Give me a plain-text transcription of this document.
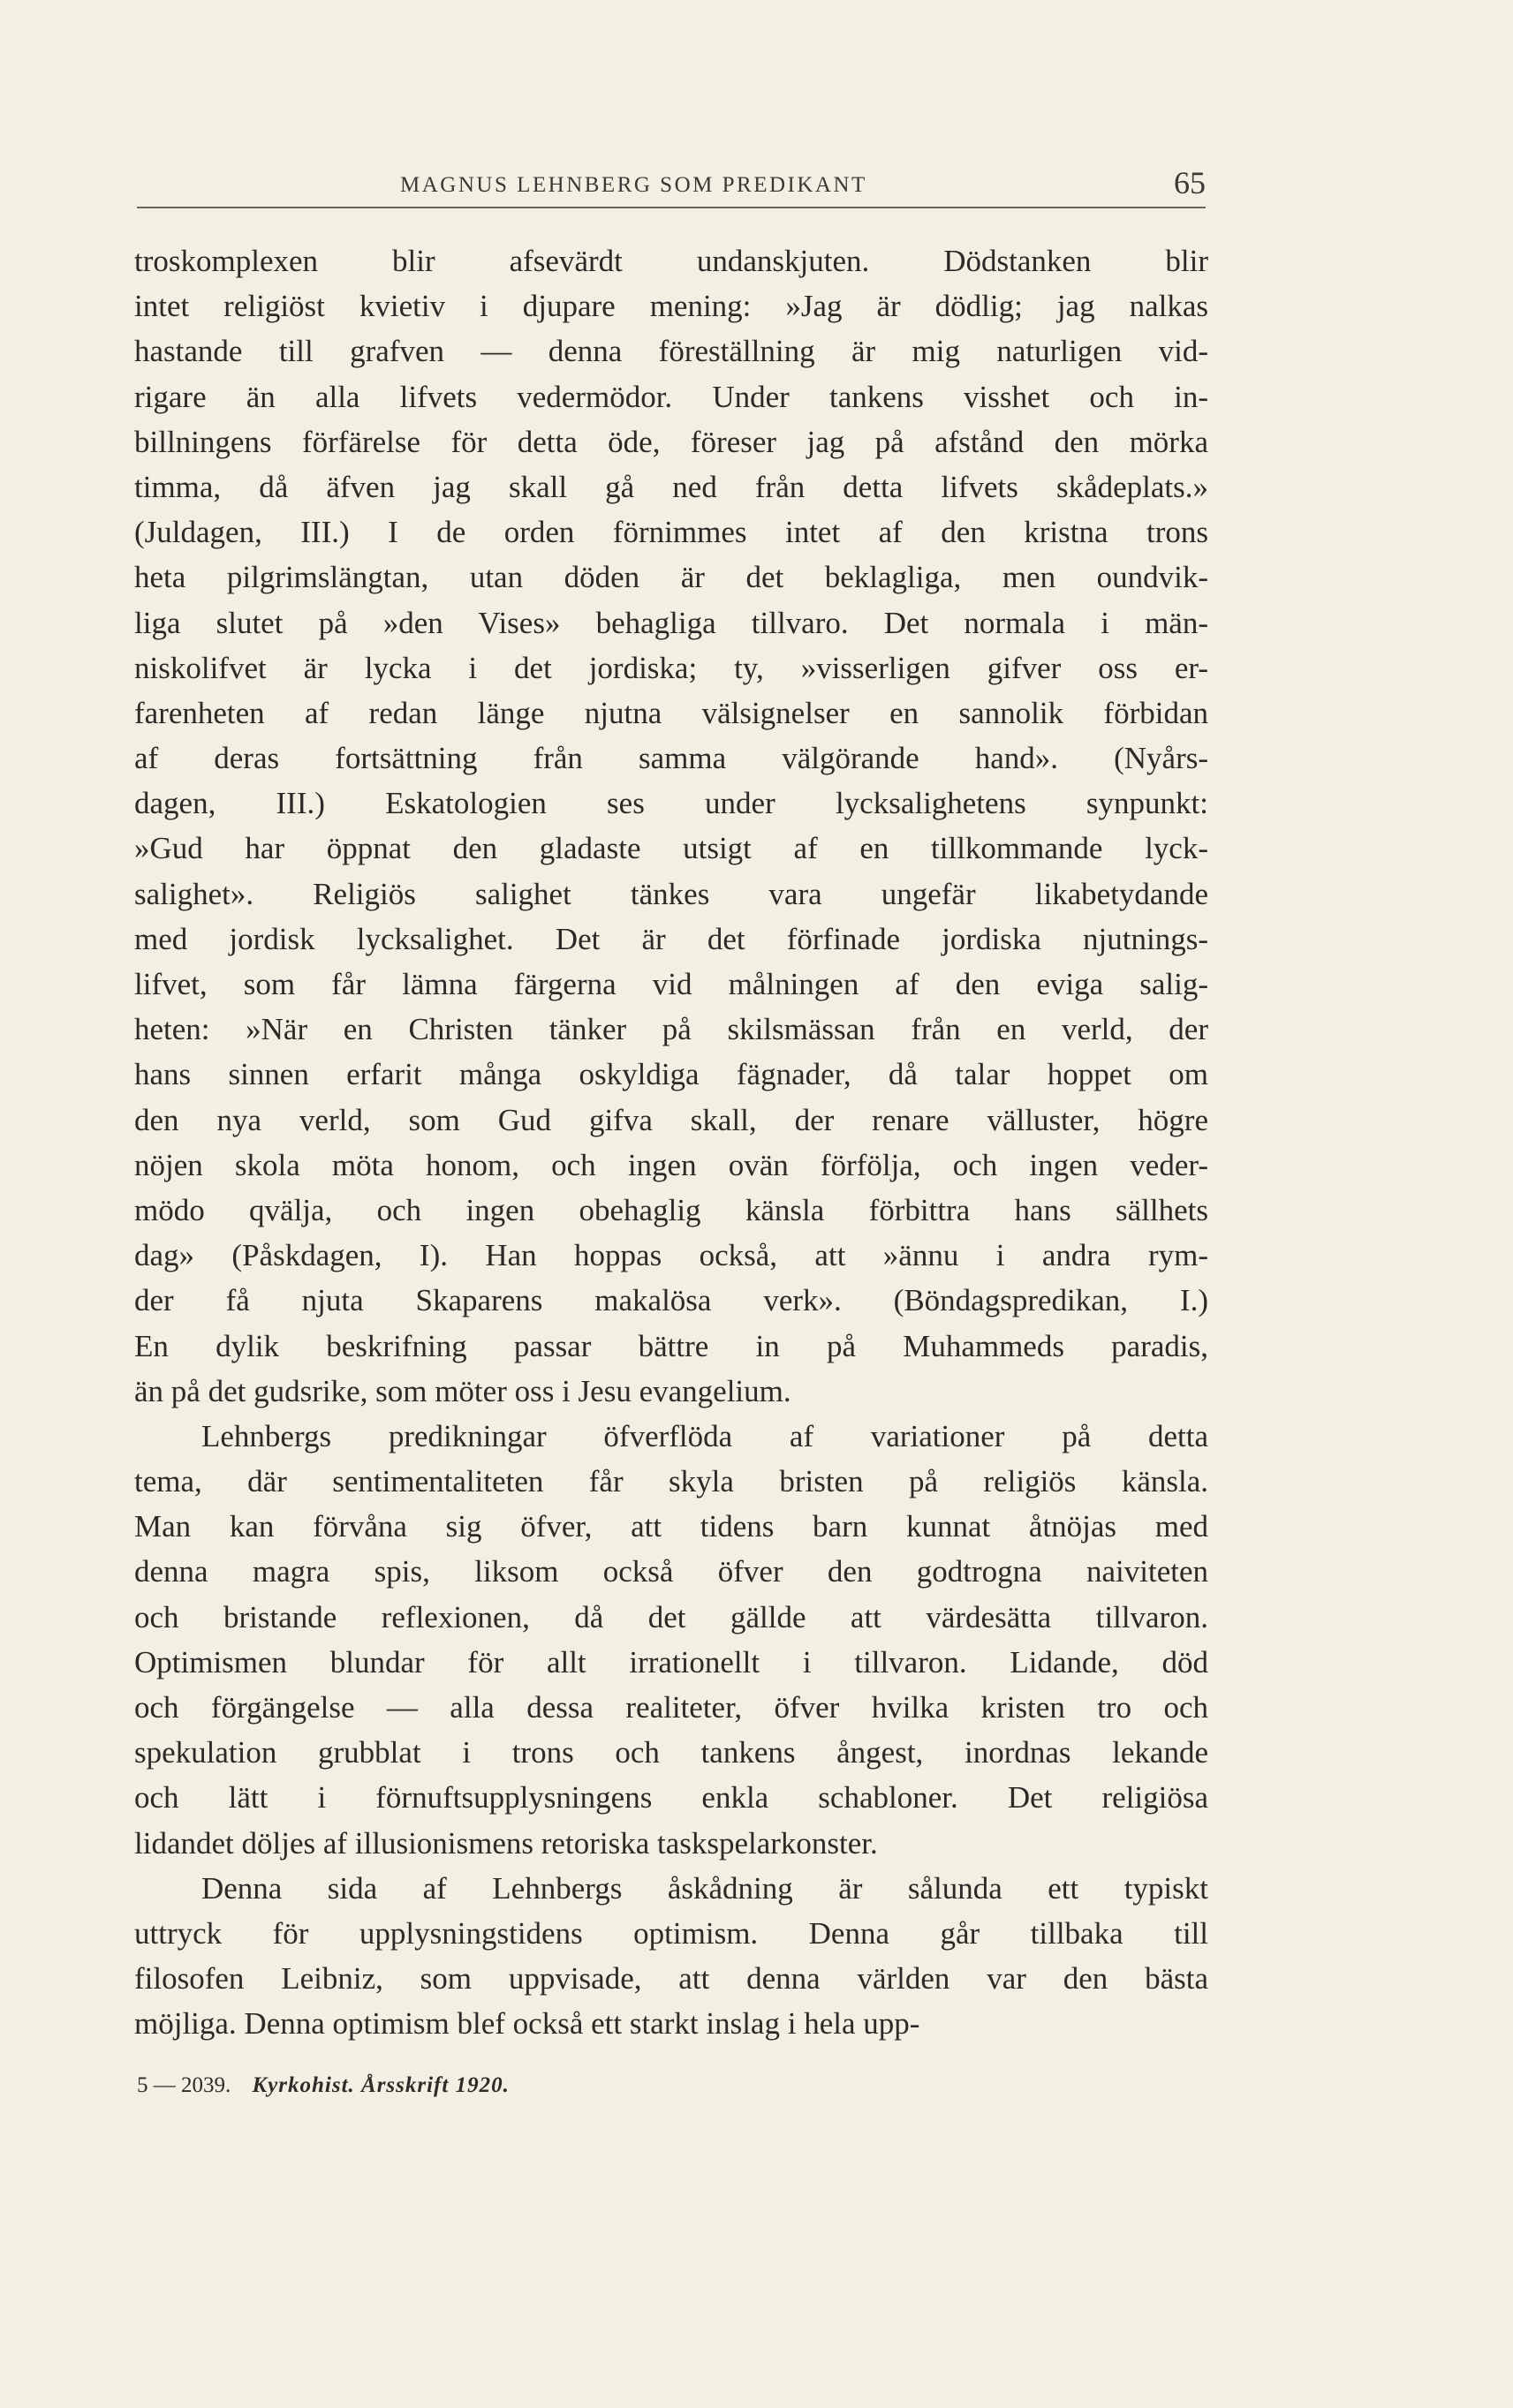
MAGNUS LEHNBERG SOM PREDIKANT	65
troskomplexen blir afsevärdt undanskjuten. Dödstanken blir
intet religiöst kvietiv i djupare mening: »Jag är dödlig; jag nalkas
hastande till grafven — denna föreställning är mig naturligen vid-
rigare än alla lifvets vedermödor. Under tankens visshet och in-
billningens förfärelse för detta öde, föreser jag på afstånd den mörka
timma, då äfven jag skall gå ned från detta lifvets skådeplats.»
(Juldagen, III.) I de orden förnimmes intet af den kristna trons
heta pilgrimslängtan, utan döden är det beklagliga, men oundvik-
liga slutet på »den Vises» behagliga tillvaro. Det normala i män-
niskolifvet är lycka i det jordiska; ty, »visserligen gifver oss er-
farenheten af redan länge njutna välsignelser en sannolik förbidan
af deras fortsättning från samma välgörande hand». (Nyårs-
dagen, III.) Eskatologien ses under lycksalighetens synpunkt:
»Gud har öppnat den gladaste utsigt af en tillkommande lyck-
salighet». Religiös salighet tänkes vara ungefär likabetydande
med jordisk lycksalighet. Det är det förfinade jordiska njutnings-
lifvet, som får lämna färgerna vid målningen af den eviga salig-
heten: »När en Christen tänker på skilsmässan från en verld, der
hans sinnen erfarit många oskyldiga fägnader, då talar hoppet om
den nya verld, som Gud gifva skall, der renare välluster, högre
nöjen skola möta honom, och ingen ovän förfölja, och ingen veder-
mödo qvälja, och ingen obehaglig känsla förbittra hans sällhets
dag» (Påskdagen, I). Han hoppas också, att »ännu i andra rym-
der få njuta Skaparens makalösa verk». (Böndagspredikan, I.)
En dylik beskrifning passar bättre in på Muhammeds paradis,
än på det gudsrike, som möter oss i Jesu evangelium.
Lehnbergs predikningar öfverflöda af variationer på detta
tema, där sentimentaliteten får skyla bristen på religiös känsla.
Man kan förvåna sig öfver, att tidens barn kunnat åtnöjas med
denna magra spis, liksom också öfver den godtrogna naiviteten
och bristande reflexionen, då det gällde att värdesätta tillvaron.
Optimismen blundar för allt irrationellt i tillvaron. Lidande, död
och förgängelse — alla dessa realiteter, öfver hvilka kristen tro och
spekulation grubblat i trons och tankens ångest, inordnas lekande
och lätt i förnuftsupplysningens enkla schabloner. Det religiösa
lidandet döljes af illusionismens retoriska taskspelarkonster.
Denna sida af Lehnbergs åskådning är sålunda ett typiskt
uttryck för upplysningstidens optimism. Denna går tillbaka till
filosofen Leibniz, som uppvisade, att denna världen var den bästa
möjliga. Denna optimism blef också ett starkt inslag i hela upp-
5 — 2039. Kyrkohist. Årsskrift 1920.
